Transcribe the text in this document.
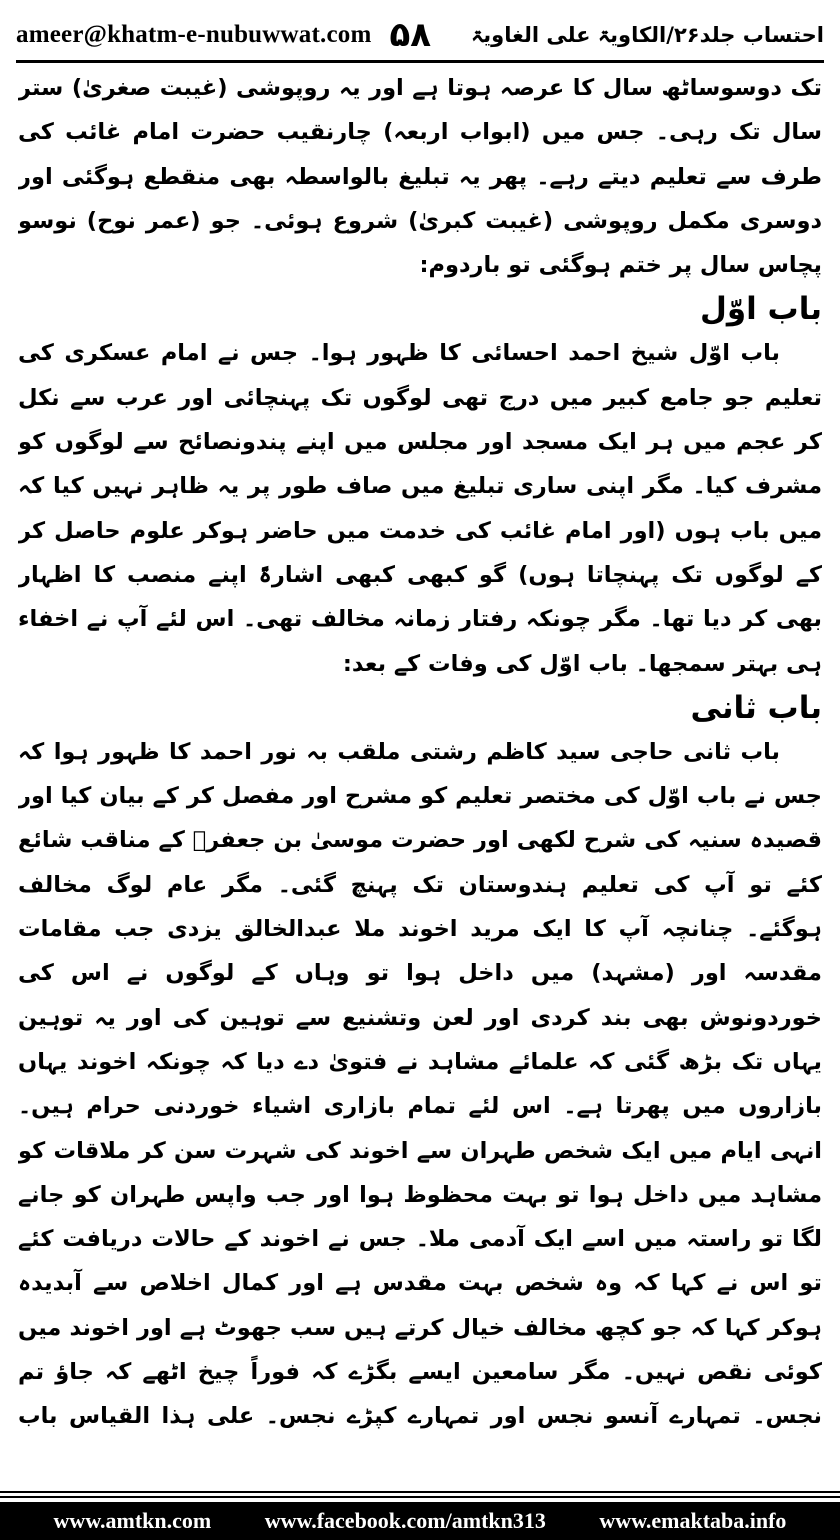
ameer@khatm-e-nubuwwat.com ۵۸ احتساب جلد۲۶/الکاویۃ علی الغاویۃ

تک دوسوساٹھ سال کا عرصہ ہوتا ہے اور یہ روپوشی (غیبت صغریٰ) ستر سال تک رہی۔ جس میں (ابواب اربعہ) چارنقیب حضرت امام غائب کی طرف سے تعلیم دیتے رہے۔ پھر یہ تبلیغ بالواسطہ بھی منقطع ہوگئی اور دوسری مکمل روپوشی (غیبت کبریٰ) شروع ہوئی۔ جو (عمر نوح) نوسو پچاس سال پر ختم ہوگئی تو باردوم:

باب اوّل

باب اوّل شیخ احمد احسائی کا ظہور ہوا۔ جس نے امام عسکری کی تعلیم جو جامع کبیر میں درج تھی لوگوں تک پہنچائی اور عرب سے نکل کر عجم میں ہر ایک مسجد اور مجلس میں اپنے پندونصائح سے لوگوں کو مشرف کیا۔ مگر اپنی ساری تبلیغ میں صاف طور پر یہ ظاہر نہیں کیا کہ میں باب ہوں (اور امام غائب کی خدمت میں حاضر ہوکر علوم حاصل کر کے لوگوں تک پہنچاتا ہوں) گو کبھی کبھی اشارۃً اپنے منصب کا اظہار بھی کر دیا تھا۔ مگر چونکہ رفتار زمانہ مخالف تھی۔ اس لئے آپ نے اخفاء ہی بہتر سمجھا۔ باب اوّل کی وفات کے بعد:

باب ثانی

باب ثانی حاجی سید کاظم رشتی ملقب بہ نور احمد کا ظہور ہوا کہ جس نے باب اوّل کی مختصر تعلیم کو مشرح اور مفصل کر کے بیان کیا اور قصیدہ سنیہ کی شرح لکھی اور حضرت موسیٰ بن جعفرؒ کے مناقب شائع کئے تو آپ کی تعلیم ہندوستان تک پہنچ گئی۔ مگر عام لوگ مخالف ہوگئے۔ چنانچہ آپ کا ایک مرید اخوند ملا عبدالخالق یزدی جب مقامات مقدسہ اور (مشہد) میں داخل ہوا تو وہاں کے لوگوں نے اس کی خوردونوش بھی بند کردی اور لعن وتشنیع سے توہین کی اور یہ توہین یہاں تک بڑھ گئی کہ علمائے مشاہد نے فتویٰ دے دیا کہ چونکہ اخوند یہاں بازاروں میں پھرتا ہے۔ اس لئے تمام بازاری اشیاء خوردنی حرام ہیں۔ انہی ایام میں ایک شخص طہران سے اخوند کی شہرت سن کر ملاقات کو مشاہد میں داخل ہوا تو بہت محظوظ ہوا اور جب واپس طہران کو جانے لگا تو راستہ میں اسے ایک آدمی ملا۔ جس نے اخوند کے حالات دریافت کئے تو اس نے کہا کہ وہ شخص بہت مقدس ہے اور کمال اخلاص سے آبدیدہ ہوکر کہا کہ جو کچھ مخالف خیال کرتے ہیں سب جھوٹ ہے اور اخوند میں کوئی نقص نہیں۔ مگر سامعین ایسے بگڑے کہ فوراً چیخ اٹھے کہ جاؤ تم نجس۔ تمہارے آنسو نجس اور تمہارے کپڑے نجس۔ علی ہذا القیاس باب

www.amtkn.com www.facebook.com/amtkn313 www.emaktaba.info
